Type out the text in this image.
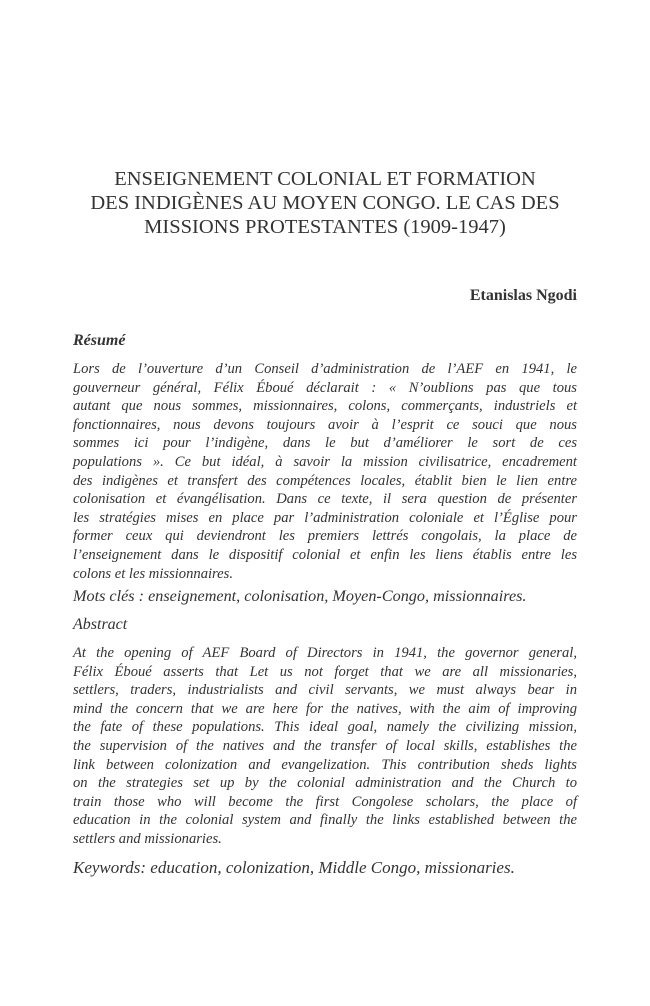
ENSEIGNEMENT COLONIAL ET FORMATION
DES INDIGÈNES AU MOYEN CONGO. LE CAS DES
MISSIONS PROTESTANTES (1909-1947)

Etanislas Ngodi

Résumé

Lors de l’ouverture d’un Conseil d’administration de l’AEF en 1941, le
gouverneur général, Félix Éboué déclarait : « N’oublions pas que tous
autant que nous sommes, missionnaires, colons, commerçants, industriels et
fonctionnaires, nous devons toujours avoir à l’esprit ce souci que nous
sommes ici pour l’indigène, dans le but d’améliorer le sort de ces
populations ». Ce but idéal, à savoir la mission civilisatrice, encadrement
des indigènes et transfert des compétences locales, établit bien le lien entre
colonisation et évangélisation. Dans ce texte, il sera question de présenter
les stratégies mises en place par l’administration coloniale et l’Église pour
former ceux qui deviendront les premiers lettrés congolais, la place de
l’enseignement dans le dispositif colonial et enfin les liens établis entre les
colons et les missionnaires.

Mots clés : enseignement, colonisation, Moyen-Congo, missionnaires.

Abstract

At the opening of AEF Board of Directors in 1941, the governor general,
Félix Éboué asserts that Let us not forget that we are all missionaries,
settlers, traders, industrialists and civil servants, we must always bear in
mind the concern that we are here for the natives, with the aim of improving
the fate of these populations. This ideal goal, namely the civilizing mission,
the supervision of the natives and the transfer of local skills, establishes the
link between colonization and evangelization. This contribution sheds lights
on the strategies set up by the colonial administration and the Church to
train those who will become the first Congolese scholars, the place of
education in the colonial system and finally the links established between the
settlers and missionaries.

Keywords: education, colonization, Middle Congo, missionaries.
